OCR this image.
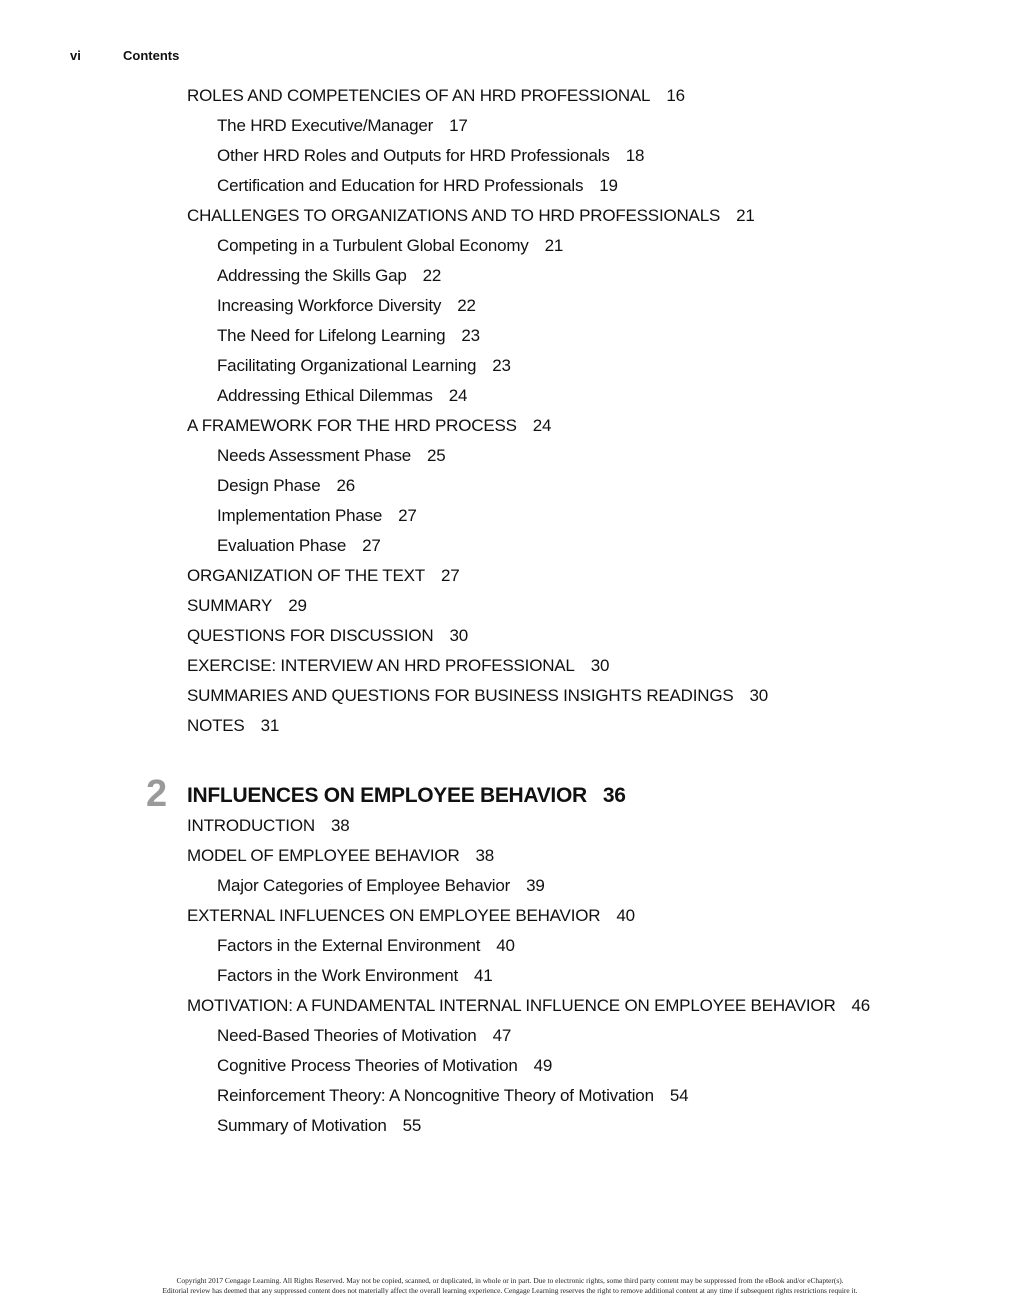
vi	Contents
ROLES AND COMPETENCIES OF AN HRD PROFESSIONAL 16
The HRD Executive/Manager 17
Other HRD Roles and Outputs for HRD Professionals 18
Certification and Education for HRD Professionals 19
CHALLENGES TO ORGANIZATIONS AND TO HRD PROFESSIONALS 21
Competing in a Turbulent Global Economy 21
Addressing the Skills Gap 22
Increasing Workforce Diversity 22
The Need for Lifelong Learning 23
Facilitating Organizational Learning 23
Addressing Ethical Dilemmas 24
A FRAMEWORK FOR THE HRD PROCESS 24
Needs Assessment Phase 25
Design Phase 26
Implementation Phase 27
Evaluation Phase 27
ORGANIZATION OF THE TEXT 27
SUMMARY 29
QUESTIONS FOR DISCUSSION 30
EXERCISE: INTERVIEW AN HRD PROFESSIONAL 30
SUMMARIES AND QUESTIONS FOR BUSINESS INSIGHTS READINGS 30
NOTES 31
2 INFLUENCES ON EMPLOYEE BEHAVIOR 36
INTRODUCTION 38
MODEL OF EMPLOYEE BEHAVIOR 38
Major Categories of Employee Behavior 39
EXTERNAL INFLUENCES ON EMPLOYEE BEHAVIOR 40
Factors in the External Environment 40
Factors in the Work Environment 41
MOTIVATION: A FUNDAMENTAL INTERNAL INFLUENCE ON EMPLOYEE BEHAVIOR 46
Need-Based Theories of Motivation 47
Cognitive Process Theories of Motivation 49
Reinforcement Theory: A Noncognitive Theory of Motivation 54
Summary of Motivation 55
Copyright 2017 Cengage Learning. All Rights Reserved. May not be copied, scanned, or duplicated, in whole or in part. Due to electronic rights, some third party content may be suppressed from the eBook and/or eChapter(s).
Editorial review has deemed that any suppressed content does not materially affect the overall learning experience. Cengage Learning reserves the right to remove additional content at any time if subsequent rights restrictions require it.
